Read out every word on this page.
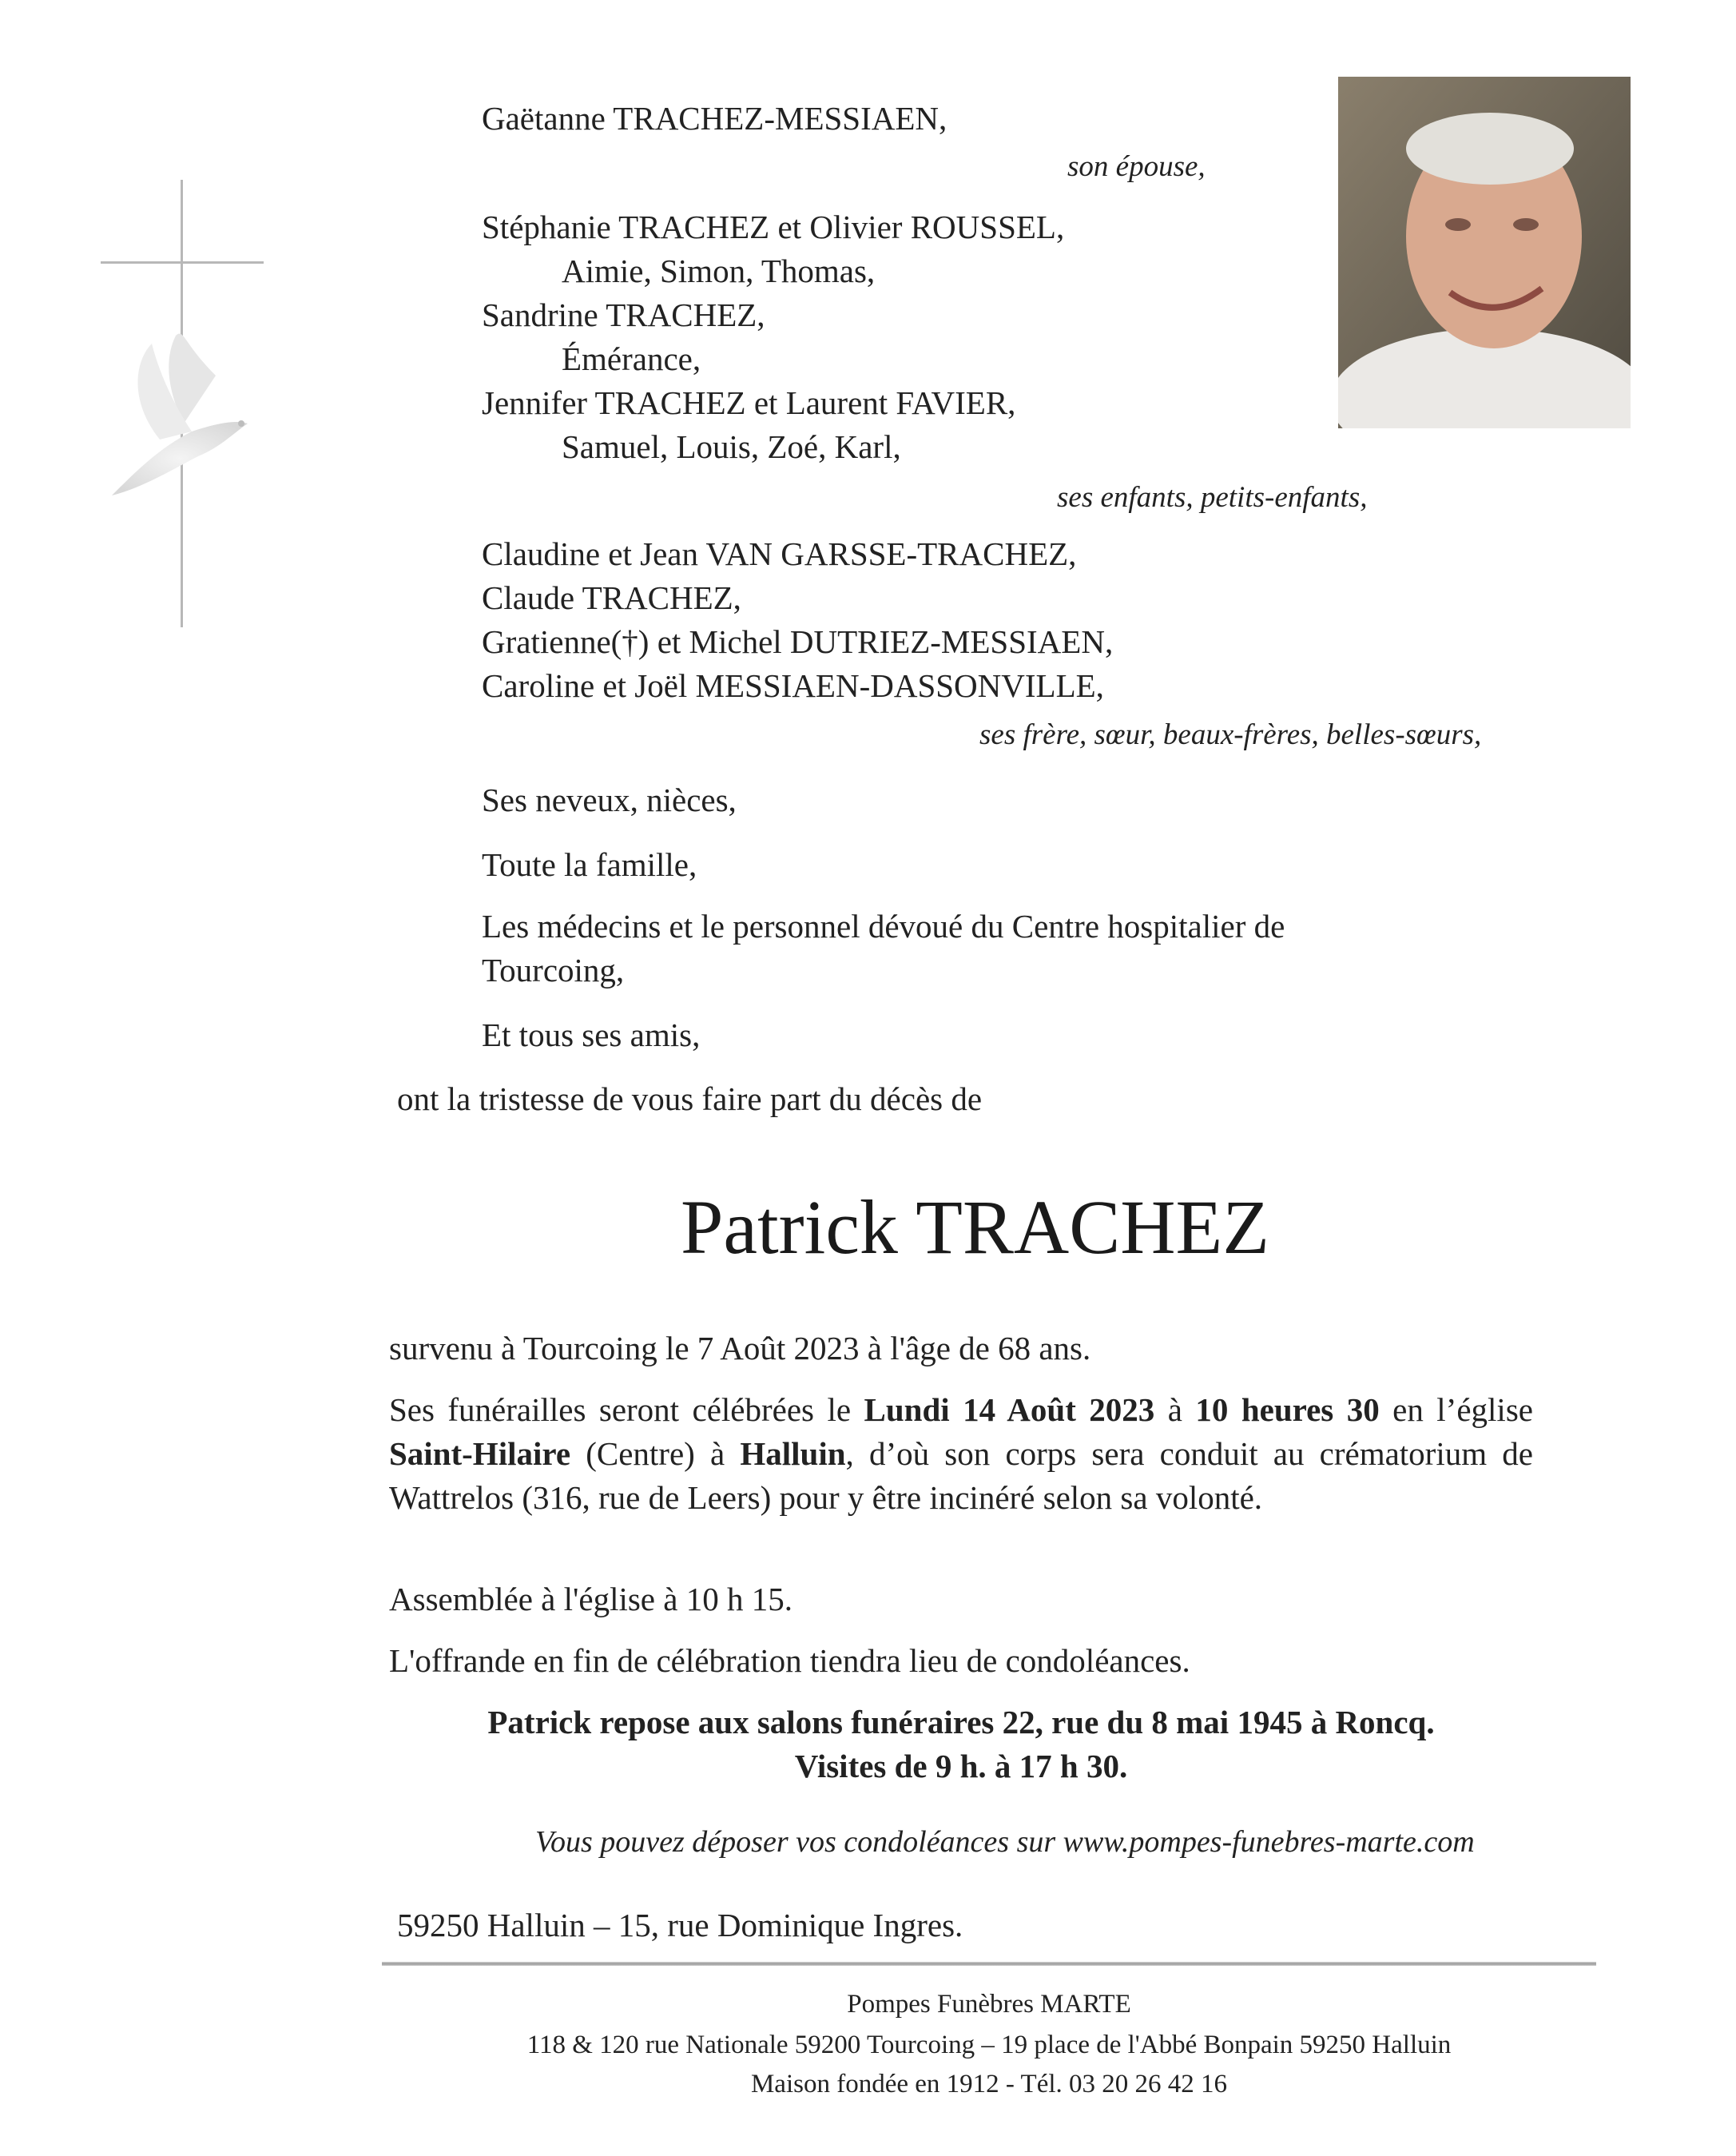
Gaëtanne TRACHEZ-MESSIAEN,
son épouse,
Stéphanie TRACHEZ et Olivier ROUSSEL,
Aimie, Simon, Thomas,
Sandrine TRACHEZ,
Émérance,
Jennifer TRACHEZ et Laurent FAVIER,
Samuel, Louis, Zoé, Karl,
ses enfants, petits-enfants,
Claudine et Jean VAN GARSSE-TRACHEZ,
Claude TRACHEZ,
Gratienne(†) et Michel DUTRIEZ-MESSIAEN,
Caroline et Joël MESSIAEN-DASSONVILLE,
ses frère, sœur, beaux-frères, belles-sœurs,
Ses neveux, nièces,
Toute la famille,
Les médecins et le personnel dévoué du Centre hospitalier de
Tourcoing,
Et tous ses amis,
ont la tristesse de vous faire part du décès de
Patrick TRACHEZ
survenu à Tourcoing le 7 Août 2023 à l'âge de 68 ans.
Ses funérailles seront célébrées le Lundi 14 Août 2023 à 10 heures 30 en l’église Saint-Hilaire (Centre) à Halluin, d’où son corps sera conduit au crématorium de Wattrelos (316, rue de Leers) pour y être incinéré selon sa volonté.
Assemblée à l'église à 10 h 15.
L'offrande en fin de célébration tiendra lieu de condoléances.
Patrick repose aux salons funéraires 22, rue du 8 mai 1945 à Roncq.
Visites de 9 h. à 17 h 30.
Vous pouvez déposer vos condoléances sur www.pompes-funebres-marte.com
59250 Halluin – 15, rue Dominique Ingres.
Pompes Funèbres MARTE
118 & 120 rue Nationale 59200 Tourcoing – 19 place de l'Abbé Bonpain 59250 Halluin
Maison fondée en 1912 - Tél. 03 20 26 42 16
